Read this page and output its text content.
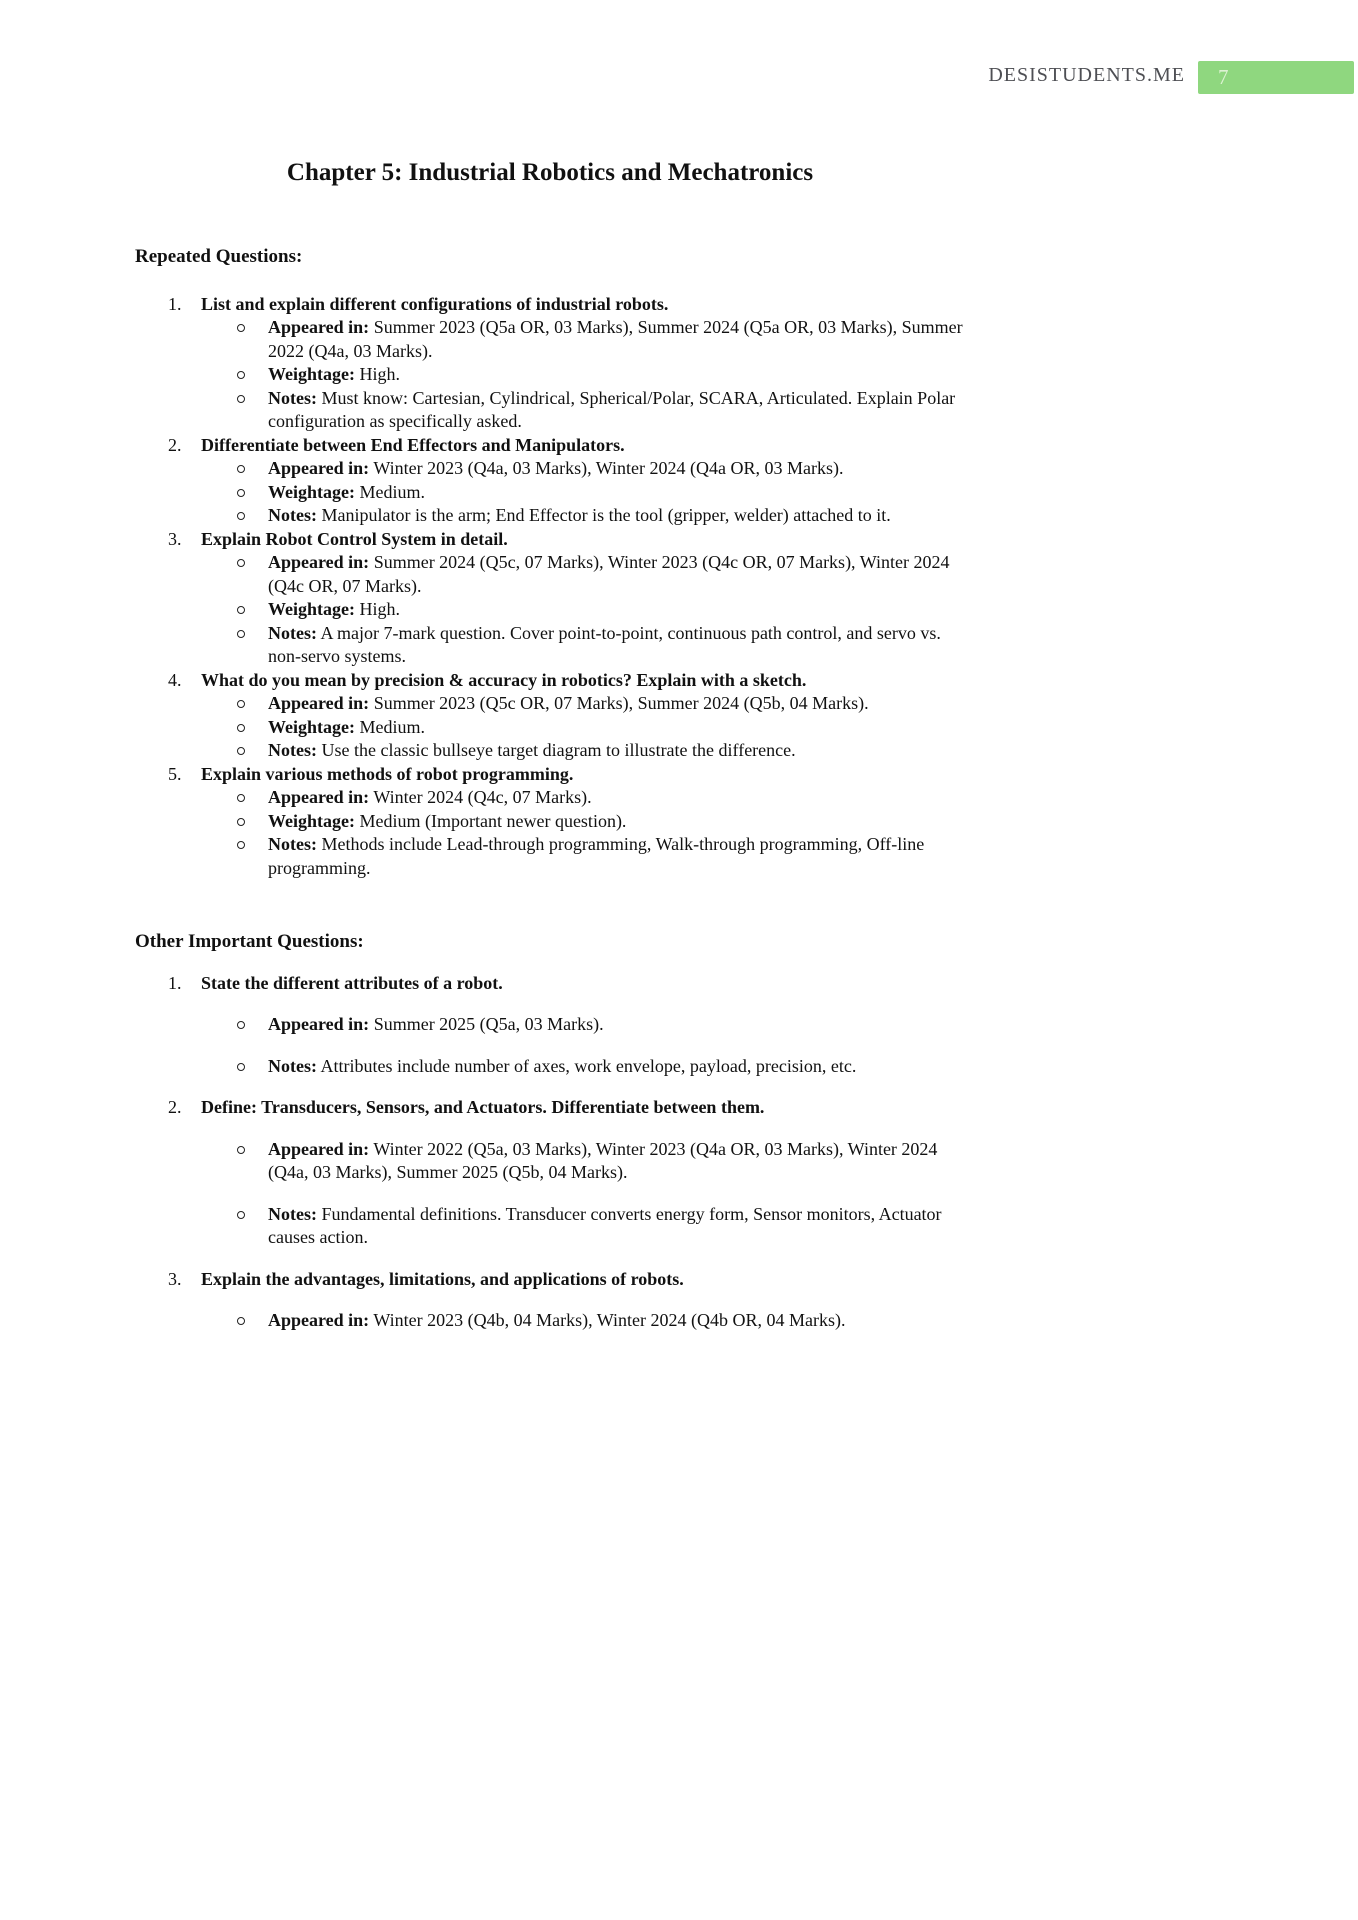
DESISTUDENTS.ME	7
Chapter 5: Industrial Robotics and Mechatronics
Repeated Questions:
1.	List and explain different configurations of industrial robots.
Appeared in: Summer 2023 (Q5a OR, 03 Marks), Summer 2024 (Q5a OR, 03 Marks), Summer 2022 (Q4a, 03 Marks).
Weightage: High.
Notes: Must know: Cartesian, Cylindrical, Spherical/Polar, SCARA, Articulated. Explain Polar configuration as specifically asked.
2.	Differentiate between End Effectors and Manipulators.
Appeared in: Winter 2023 (Q4a, 03 Marks), Winter 2024 (Q4a OR, 03 Marks).
Weightage: Medium.
Notes: Manipulator is the arm; End Effector is the tool (gripper, welder) attached to it.
3.	Explain Robot Control System in detail.
Appeared in: Summer 2024 (Q5c, 07 Marks), Winter 2023 (Q4c OR, 07 Marks), Winter 2024 (Q4c OR, 07 Marks).
Weightage: High.
Notes: A major 7-mark question. Cover point-to-point, continuous path control, and servo vs. non-servo systems.
4.	What do you mean by precision & accuracy in robotics? Explain with a sketch.
Appeared in: Summer 2023 (Q5c OR, 07 Marks), Summer 2024 (Q5b, 04 Marks).
Weightage: Medium.
Notes: Use the classic bullseye target diagram to illustrate the difference.
5.	Explain various methods of robot programming.
Appeared in: Winter 2024 (Q4c, 07 Marks).
Weightage: Medium (Important newer question).
Notes: Methods include Lead-through programming, Walk-through programming, Off-line programming.
Other Important Questions:
1.	State the different attributes of a robot.
Appeared in: Summer 2025 (Q5a, 03 Marks).
Notes: Attributes include number of axes, work envelope, payload, precision, etc.
2.	Define: Transducers, Sensors, and Actuators. Differentiate between them.
Appeared in: Winter 2022 (Q5a, 03 Marks), Winter 2023 (Q4a OR, 03 Marks), Winter 2024 (Q4a, 03 Marks), Summer 2025 (Q5b, 04 Marks).
Notes: Fundamental definitions. Transducer converts energy form, Sensor monitors, Actuator causes action.
3.	Explain the advantages, limitations, and applications of robots.
Appeared in: Winter 2023 (Q4b, 04 Marks), Winter 2024 (Q4b OR, 04 Marks).
